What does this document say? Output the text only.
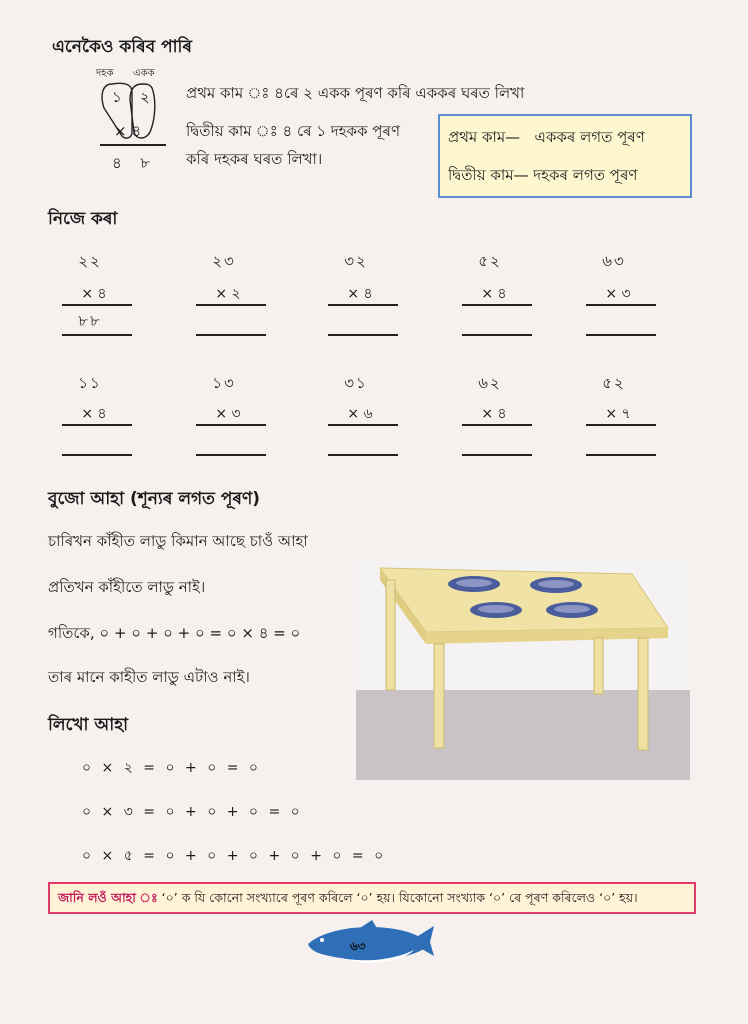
এনেকৈও কৰিব পাৰি
দহক একক
১ ২
× ৪
৪  ৮
প্ৰথম কাম ঃ ৪ৰে ২ একক পূৰণ কৰি এককৰ ঘৰত লিখা
দ্বিতীয় কাম ঃ ৪ ৰে ১ দহকক পূৰণ
কৰি দহকৰ ঘৰত লিখা।
প্ৰথম কাম—   এককৰ লগত পূৰণ
দ্বিতীয় কাম— দহকৰ লগত পূৰণ
নিজে কৰা
২২
× ৪
৮৮
২৩
× ২
৩২
× ৪
৫২
× ৪
৬৩
× ৩
১১
× ৪
১৩
× ৩
৩১
× ৬
৬২
× ৪
৫২
× ৭
বুজো আহা (শূন্যৰ লগত পূৰণ)
চাৰিখন কাঁহীত লাডু কিমান আছে চাওঁ আহা
প্ৰতিখন কাঁহীতে লাডু নাই।
গতিকে, ০ + ০ + ০ + ০ = ০ × ৪ = ০
তাৰ মানে কাহীত লাডু এটাও নাই।
লিখো আহা
০ × ২ = ০ + ০ = ০
০ × ৩ = ০ + ০ + ০ = ০
০ × ৫ = ০ + ০ + ০ + ০ + ০ = ০
জানি লওঁ আহা ঃ ‘০’ ক যি কোনো সংখ্যাৰে পূৰণ কৰিলে ‘০’ হয়। যিকোনো সংখ্যাক ‘০’ ৰে পূৰণ কৰিলেও ‘০’ হয়।
৬৩
